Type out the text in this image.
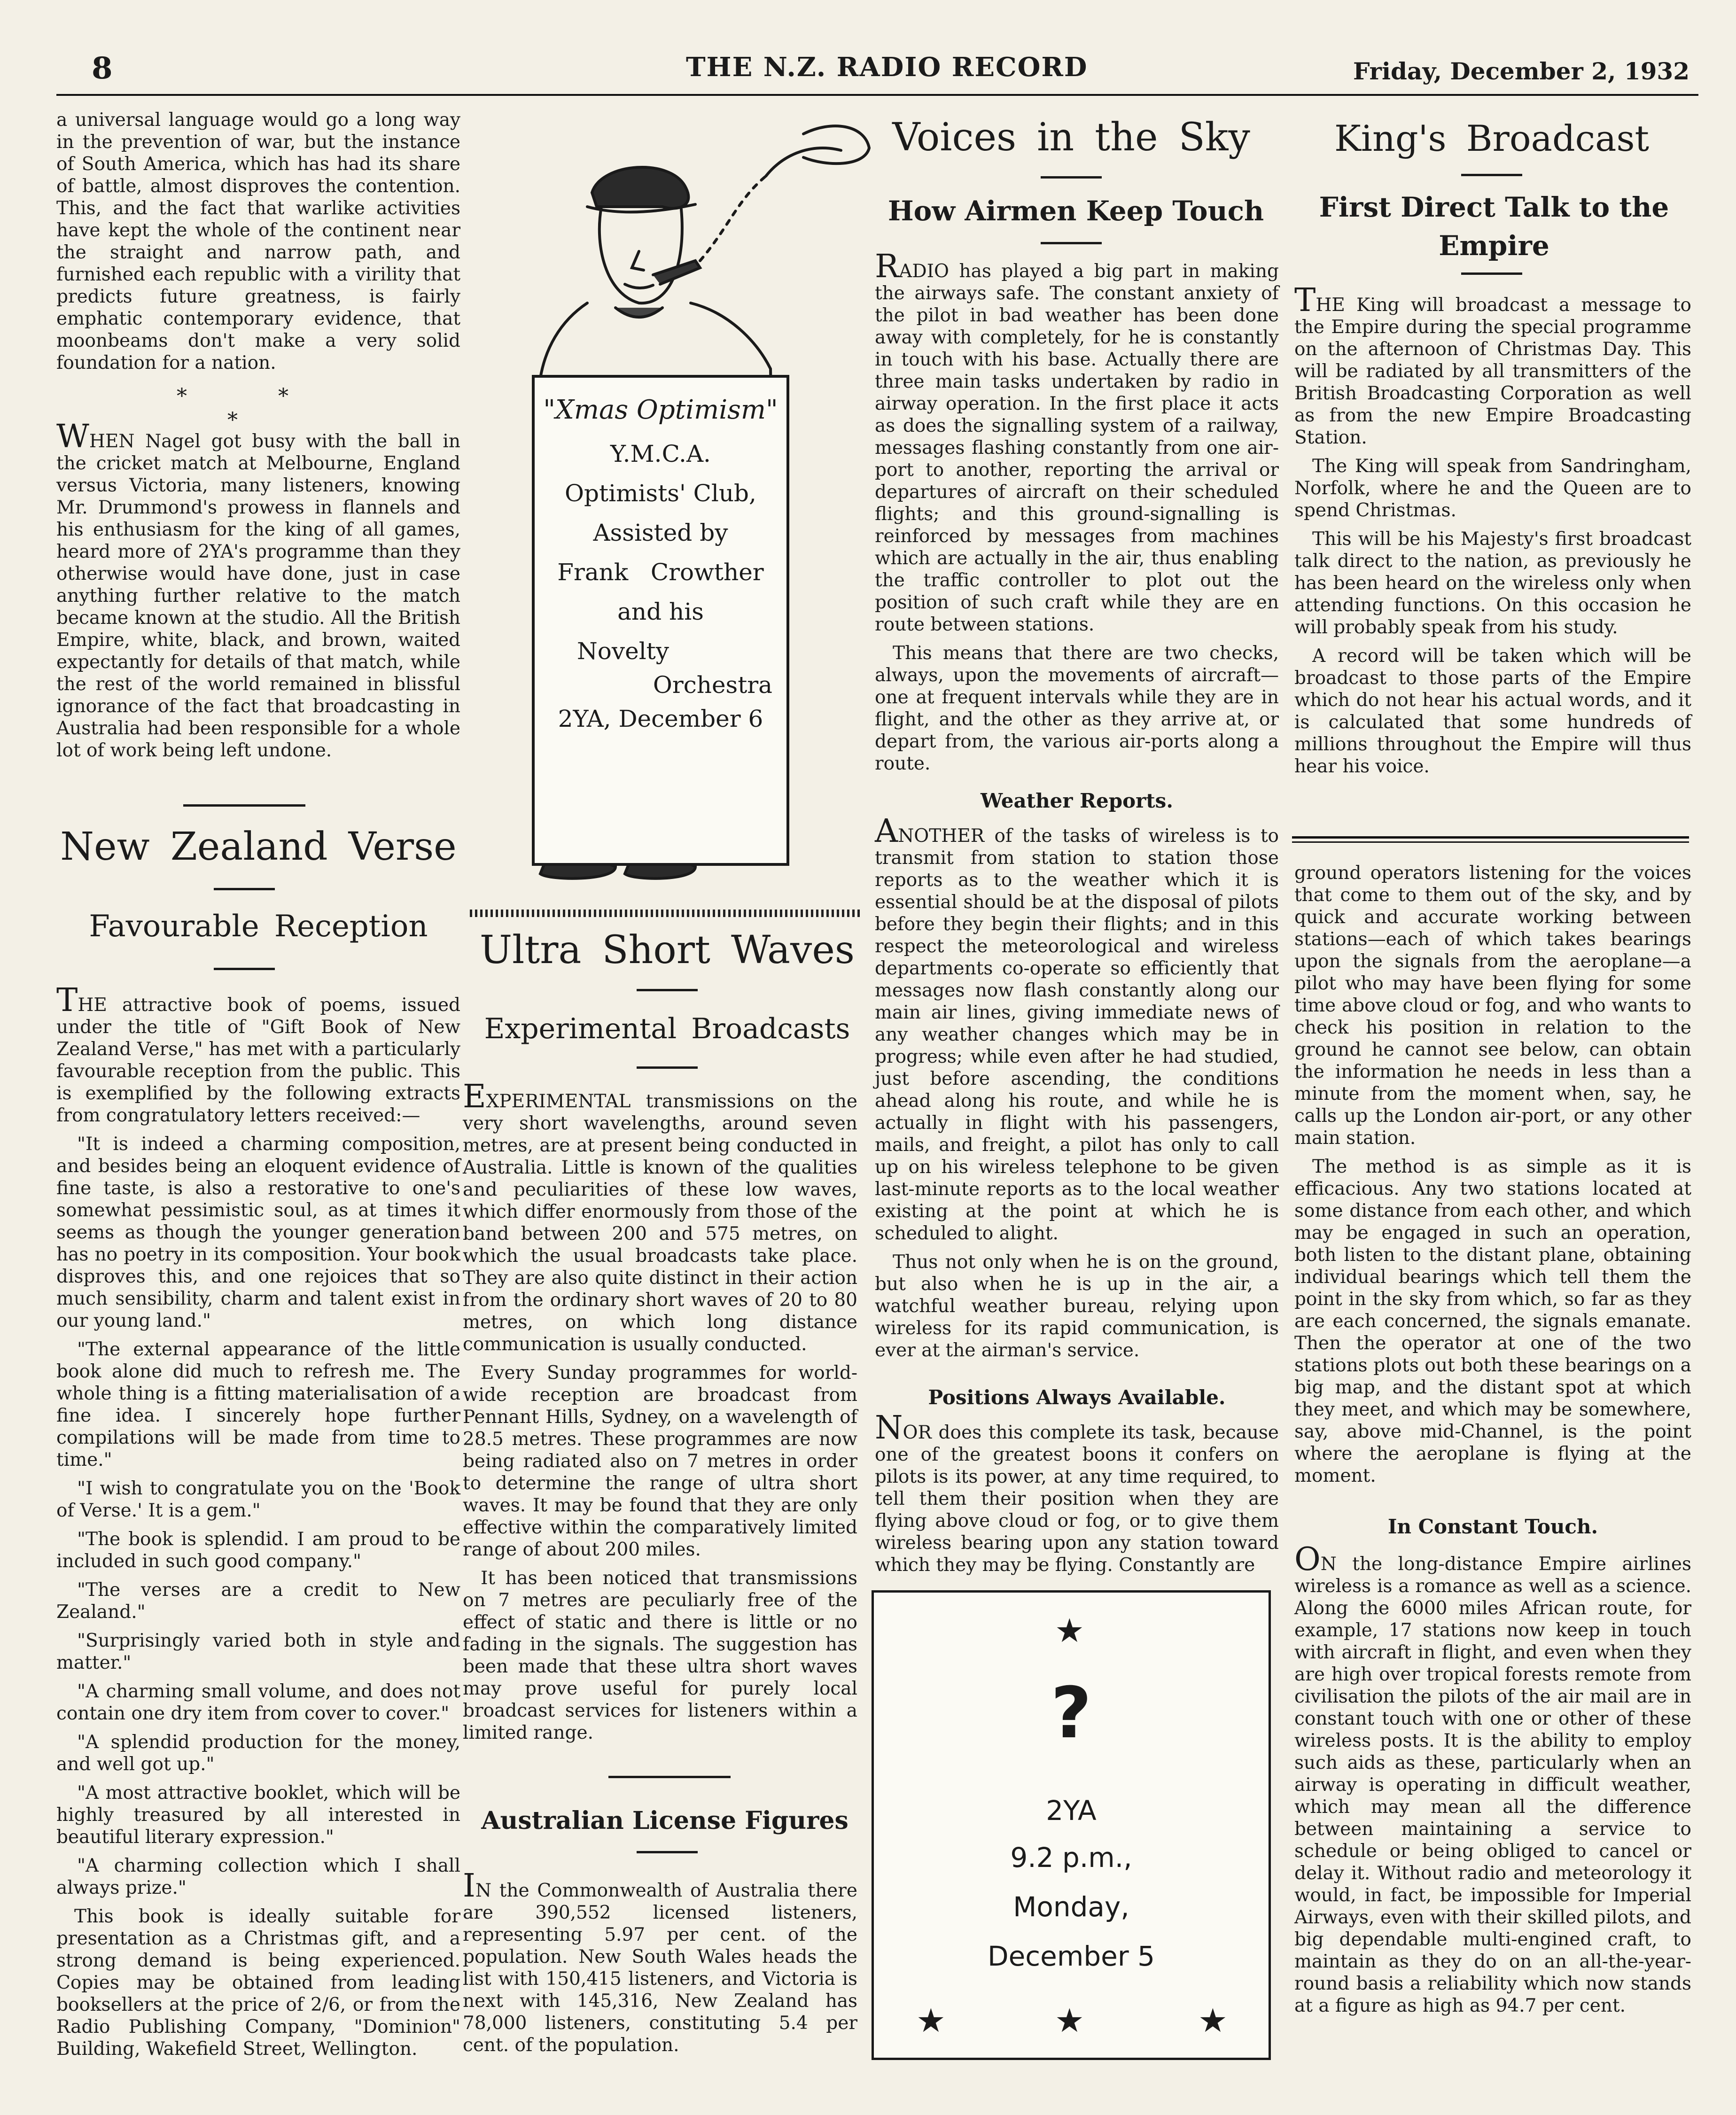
8	THE N.Z. RADIO RECORD	Friday, December 2, 1932

a universal language would go a long way in the prevention of war, but the instance of South America, which has had its share of battle, almost disproves the contention. This, and the fact that warlike activities have kept the whole of the continent near the straight and narrow path, and furnished each republic with a virility that predicts future greatness, is fairly emphatic contemporary evidence, that moonbeams don't make a very solid foundation for a nation.

* * *

WHEN Nagel got busy with the ball in the cricket match at Melbourne, England versus Victoria, many listeners, knowing Mr. Drummond's prowess in flannels and his enthusiasm for the king of all games, heard more of 2YA's programme than they otherwise would have done, just in case anything further relative to the match became known at the studio. All the British Empire, white, black, and brown, waited expectantly for details of that match, while the rest of the world remained in blissful ignorance of the fact that broadcasting in Australia had been responsible for a whole lot of work being left undone.

New Zealand Verse
Favourable Reception

THE attractive book of poems, issued under the title of "Gift Book of New Zealand Verse," has met with a particularly favourable reception from the public. This is exemplified by the following extracts from congratulatory letters received:—

"It is indeed a charming composition, and besides being an eloquent evidence of fine taste, is also a restorative to one's somewhat pessimistic soul, as at times it seems as though the younger generation has no poetry in its composition. Your book disproves this, and one rejoices that so much sensibility, charm and talent exist in our young land."

"The external appearance of the little book alone did much to refresh me. The whole thing is a fitting materialisation of a fine idea. I sincerely hope further compilations will be made from time to time."

"I wish to congratulate you on the 'Book of Verse.' It is a gem."

"The book is splendid. I am proud to be included in such good company."

"The verses are a credit to New Zealand."

"Surprisingly varied both in style and matter."

"A charming small volume, and does not contain one dry item from cover to cover."

"A splendid production for the money, and well got up."

"A most attractive booklet, which will be highly treasured by all interested in beautiful literary expression."

"A charming collection which I shall always prize."

This book is ideally suitable for presentation as a Christmas gift, and a strong demand is being experienced. Copies may be obtained from leading booksellers at the price of 2/6, or from the Radio Publishing Company, "Dominion" Building, Wakefield Street, Wellington.

"Xmas Optimism"
Y.M.C.A.
Optimists' Club,
Assisted by
Frank   Crowther
and his
Novelty
Orchestra
2YA, December 6
Ultra Short Waves
Experimental Broadcasts

EXPERIMENTAL transmissions on the very short wavelengths, around seven metres, are at present being conducted in Australia. Little is known of the qualities and peculiarities of these low waves, which differ enormously from those of the band between 200 and 575 metres, on which the usual broadcasts take place. They are also quite distinct in their action from the ordinary short waves of 20 to 80 metres, on which long distance communication is usually conducted.

Every Sunday programmes for world-wide reception are broadcast from Pennant Hills, Sydney, on a wavelength of 28.5 metres. These programmes are now being radiated also on 7 metres in order to determine the range of ultra short waves. It may be found that they are only effective within the comparatively limited range of about 200 miles.

It has been noticed that transmissions on 7 metres are peculiarly free of the effect of static and there is little or no fading in the signals. The suggestion has been made that these ultra short waves may prove useful for purely local broadcast services for listeners within a limited range.

Australian License Figures

IN the Commonwealth of Australia there are 390,552 licensed listeners, representing 5.97 per cent. of the population. New South Wales heads the list with 150,415 listeners, and Victoria is next with 145,316, New Zealand has 78,000 listeners, constituting 5.4 per cent. of the population.

Voices in the Sky
How Airmen Keep Touch

RADIO has played a big part in making the airways safe. The constant anxiety of the pilot in bad weather has been done away with completely, for he is constantly in touch with his base. Actually there are three main tasks undertaken by radio in airway operation. In the first place it acts as does the signalling system of a railway, messages flashing constantly from one air-port to another, reporting the arrival or departures of aircraft on their scheduled flights; and this ground-signalling is reinforced by messages from machines which are actually in the air, thus enabling the traffic controller to plot out the position of such craft while they are en route between stations.

This means that there are two checks, always, upon the movements of aircraft—one at frequent intervals while they are in flight, and the other as they arrive at, or depart from, the various air-ports along a route.

Weather Reports.

ANOTHER of the tasks of wireless is to transmit from station to station those reports as to the weather which it is essential should be at the disposal of pilots before they begin their flights; and in this respect the meteorological and wireless departments co-operate so efficiently that messages now flash constantly along our main air lines, giving immediate news of any weather changes which may be in progress; while even after he had studied, just before ascending, the conditions ahead along his route, and while he is actually in flight with his passengers, mails, and freight, a pilot has only to call up on his wireless telephone to be given last-minute reports as to the local weather existing at the point at which he is scheduled to alight.

Thus not only when he is on the ground, but also when he is up in the air, a watchful weather bureau, relying upon wireless for its rapid communication, is ever at the airman's service.

Positions Always Available.

NOR does this complete its task, because one of the greatest boons it confers on pilots is its power, at any time required, to tell them their position when they are flying above cloud or fog, or to give them wireless bearing upon any station toward which they may be flying. Constantly are

★
?
2YA
9.2 p.m.,
Monday,
December 5
★	★	★
King's Broadcast
First Direct Talk to the Empire

THE King will broadcast a message to the Empire during the special programme on the afternoon of Christmas Day. This will be radiated by all transmitters of the British Broadcasting Corporation as well as from the new Empire Broadcasting Station.

The King will speak from Sandringham, Norfolk, where he and the Queen are to spend Christmas.

This will be his Majesty's first broadcast talk direct to the nation, as previously he has been heard on the wireless only when attending functions. On this occasion he will probably speak from his study.

A record will be taken which will be broadcast to those parts of the Empire which do not hear his actual words, and it is calculated that some hundreds of millions throughout the Empire will thus hear his voice.

ground operators listening for the voices that come to them out of the sky, and by quick and accurate working between stations—each of which takes bearings upon the signals from the aeroplane—a pilot who may have been flying for some time above cloud or fog, and who wants to check his position in relation to the ground he cannot see below, can obtain the information he needs in less than a minute from the moment when, say, he calls up the London air-port, or any other main station.

The method is as simple as it is efficacious. Any two stations located at some distance from each other, and which may be engaged in such an operation, both listen to the distant plane, obtaining individual bearings which tell them the point in the sky from which, so far as they are each concerned, the signals emanate. Then the operator at one of the two stations plots out both these bearings on a big map, and the distant spot at which they meet, and which may be somewhere, say, above mid-Channel, is the point where the aeroplane is flying at the moment.

In Constant Touch.

ON the long-distance Empire airlines wireless is a romance as well as a science. Along the 6000 miles African route, for example, 17 stations now keep in touch with aircraft in flight, and even when they are high over tropical forests remote from civilisation the pilots of the air mail are in constant touch with one or other of these wireless posts. It is the ability to employ such aids as these, particularly when an airway is operating in difficult weather, which may mean all the difference between maintaining a service to schedule or being obliged to cancel or delay it. Without radio and meteorology it would, in fact, be impossible for Imperial Airways, even with their skilled pilots, and big dependable multi-engined craft, to maintain as they do on an all-the-year-round basis a reliability which now stands at a figure as high as 94.7 per cent.
